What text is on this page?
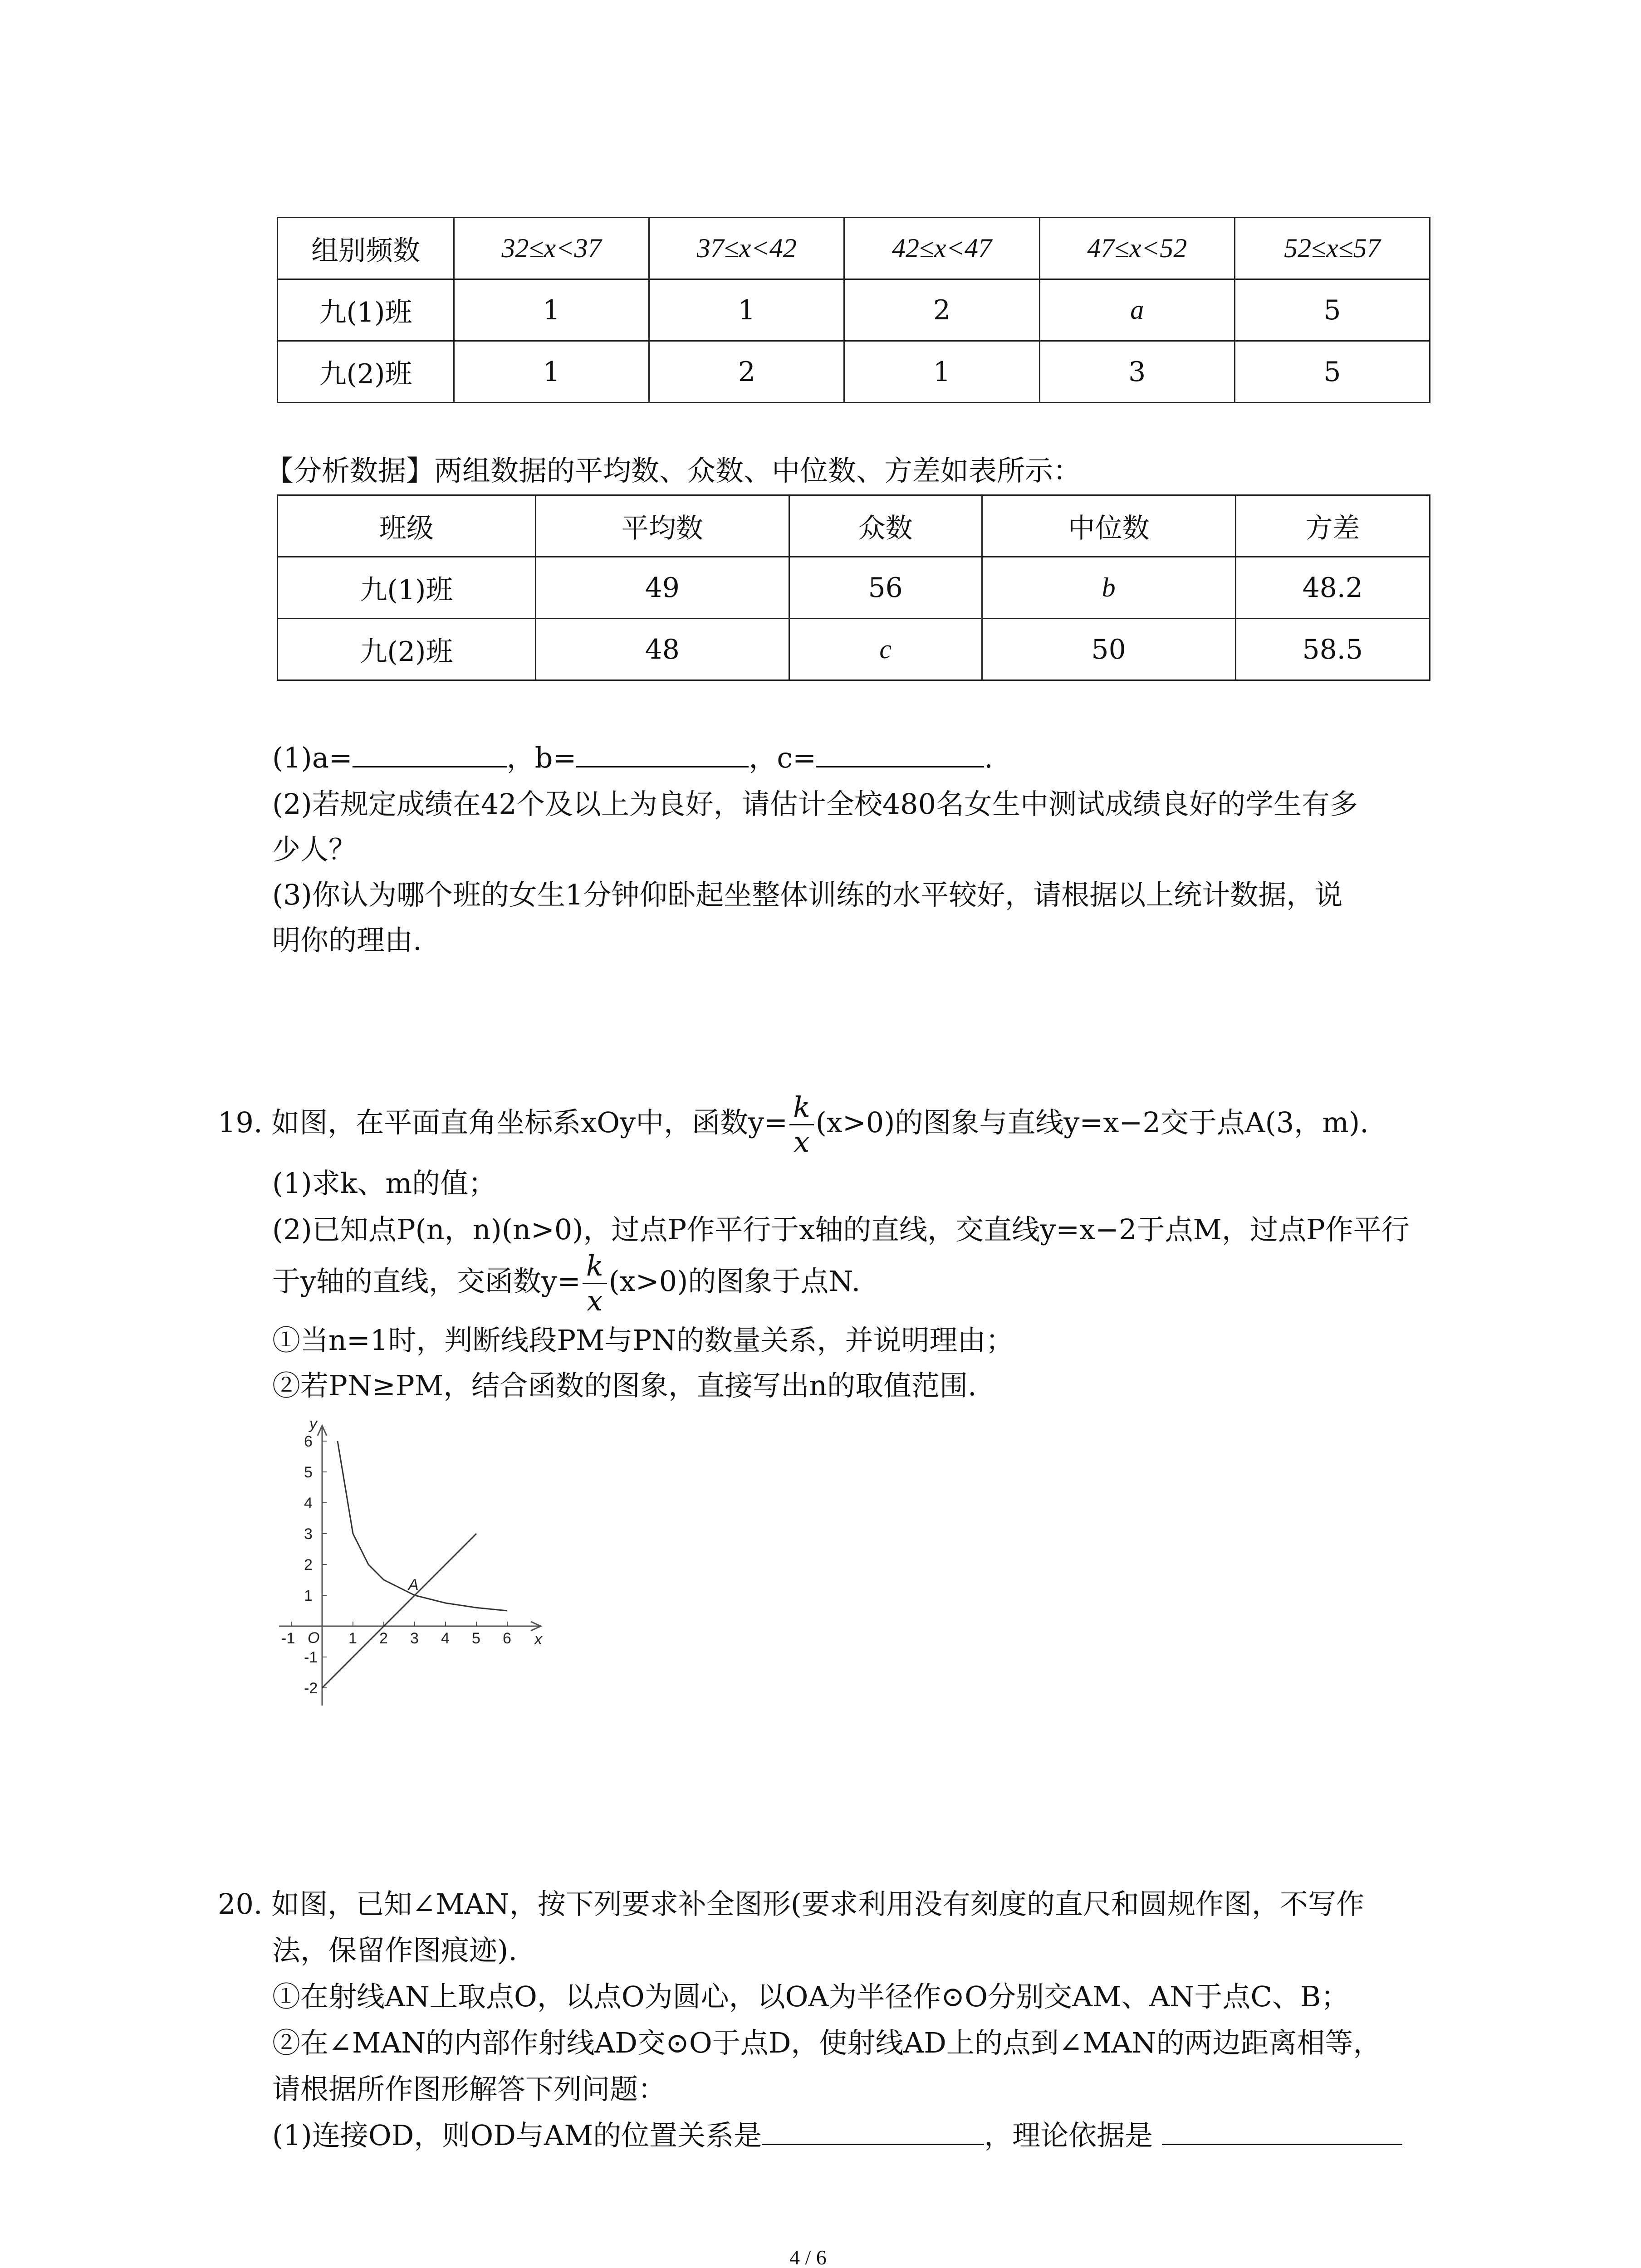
组别频数	32≤x<37	37≤x<42	42≤x<47	47≤x<52	52≤x≤57
九(1)班	1	1	2	a	5
九(2)班	1	2	1	3	5
【分析数据】两组数据的平均数、众数、中位数、方差如表所示：
班级	平均数	众数	中位数	方差
九(1)班	49	56	b	48.2
九(2)班	48	c	50	58.5
(1)a=	，b=	，c=	.
(2)若规定成绩在42个及以上为良好，请估计全校480名女生中测试成绩良好的学生有多
少人？
(3)你认为哪个班的女生1分钟仰卧起坐整体训练的水平较好，请根据以上统计数据，说
明你的理由.
19. 如图，在平面直角坐标系xOy中，函数$y= \frac{k}{x} (x>0)$的图象与直线y=x−2交于点A(3，m).
(1)求k、m的值；
(2)已知点P(n，n)(n>0)，过点P作平行于x轴的直线，交直线y=x−2于点M，过点P作平行
于y轴的直线，交函数$y= \frac{k}{x} (x>0)$的图象于点N.
①当n=1时，判断线段PM与PN的数量关系，并说明理由；
②若PN≥PM，结合函数的图象，直接写出n的取值范围.
6
5
4
3
2
1
-1
-2
-1	1 2 3 4 5 6
y
x
O
A
20. 如图，已知∠MAN，按下列要求补全图形(要求利用没有刻度的直尺和圆规作图，不写作
法，保留作图痕迹).
①在射线AN上取点O，以点O为圆心，以OA为半径作⊙O分别交AM、AN于点C、B；
②在∠MAN的内部作射线AD交⊙O于点D，使射线AD上的点到∠MAN的两边距离相等，
请根据所作图形解答下列问题：
(1)连接OD，则OD与AM的位置关系是	，理论依据是
4 / 6
